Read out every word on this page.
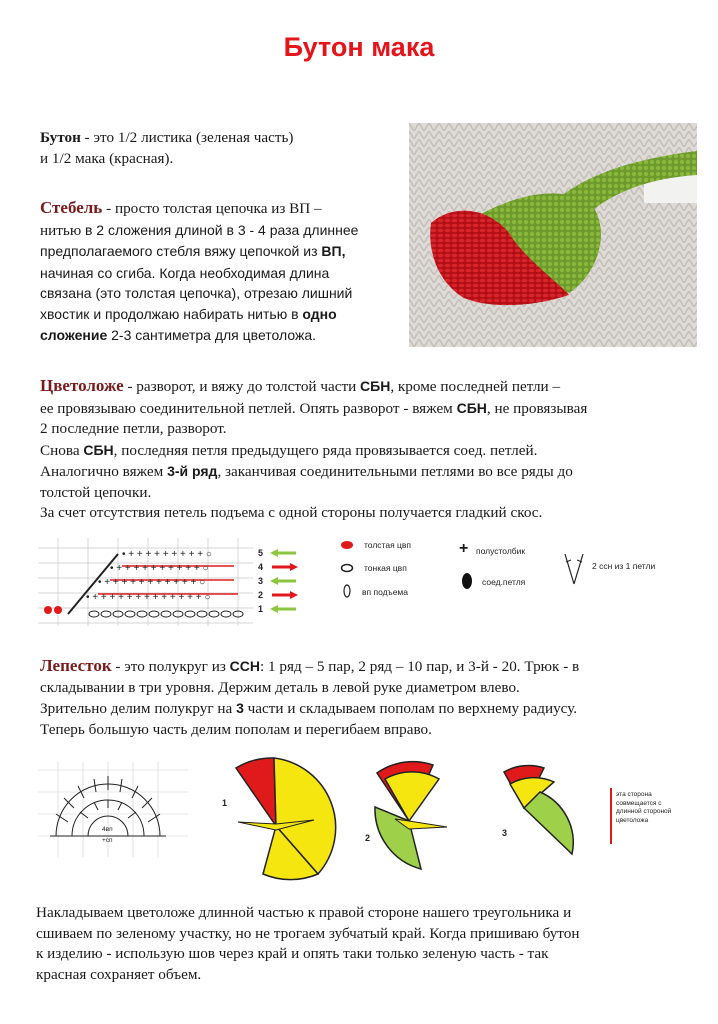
Бутон мака
Бутон - это 1/2 листика (зеленая часть)
и 1/2 мака (красная).
Стебель - просто толстая цепочка из ВП –
нитью в 2 сложения длиной в 3 - 4 раза длиннее
предполагаемого стебля вяжу цепочкой из ВП,
начиная со сгиба. Когда необходимая длина
связана (это толстая цепочка), отрезаю лишний
хвостик и продолжаю набирать нитью в одно
сложение 2-3 сантиметра для цветоложа.
Цветоложе - разворот, и вяжу до толстой части СБН, кроме последней петли –
ее провязываю соединительной петлей. Опять разворот - вяжем СБН, не провязывая
2 последние петли, разворот.
Снова СБН, последняя петля предыдущего ряда провязывается соед. петлей.
Аналогично вяжем 3-й ряд, заканчивая соединительными петлями во все ряды до
толстой цепочки.
За счет отсутствия петель подъема с одной стороны получается гладкий скос.
• + + + + + + + + + ○
• + + + + + + + + + + ○
• + + + + + + + + + + + ○
• + + + + + + + + + + + + + ○
5
4
3
2
1
толстая цвп
тонкая цвп
вп подъема
+ полустолбик
соед.петля
2 ссн из 1 петли
Лепесток - это полукруг из ССН: 1 ряд – 5 пар, 2 ряд – 10 пар, и 3-й - 20. Трюк - в
складывании в три уровня. Держим деталь в левой руке диаметром влево.
Зрительно делим полукруг на 3 части и складываем пополам по верхнему радиусу.
Теперь большую часть делим пополам и перегибаем вправо.
4вп
+сп
1
2	3
эта сторона
совмещается с
длинной стороной
цветоложа
Накладываем цветоложе длинной частью к правой стороне нашего треугольника и
сшиваем по зеленому участку, но не трогаем зубчатый край. Когда пришиваю бутон
к изделию - использую шов через край и опять таки только зеленую часть - так
красная сохраняет объем.
